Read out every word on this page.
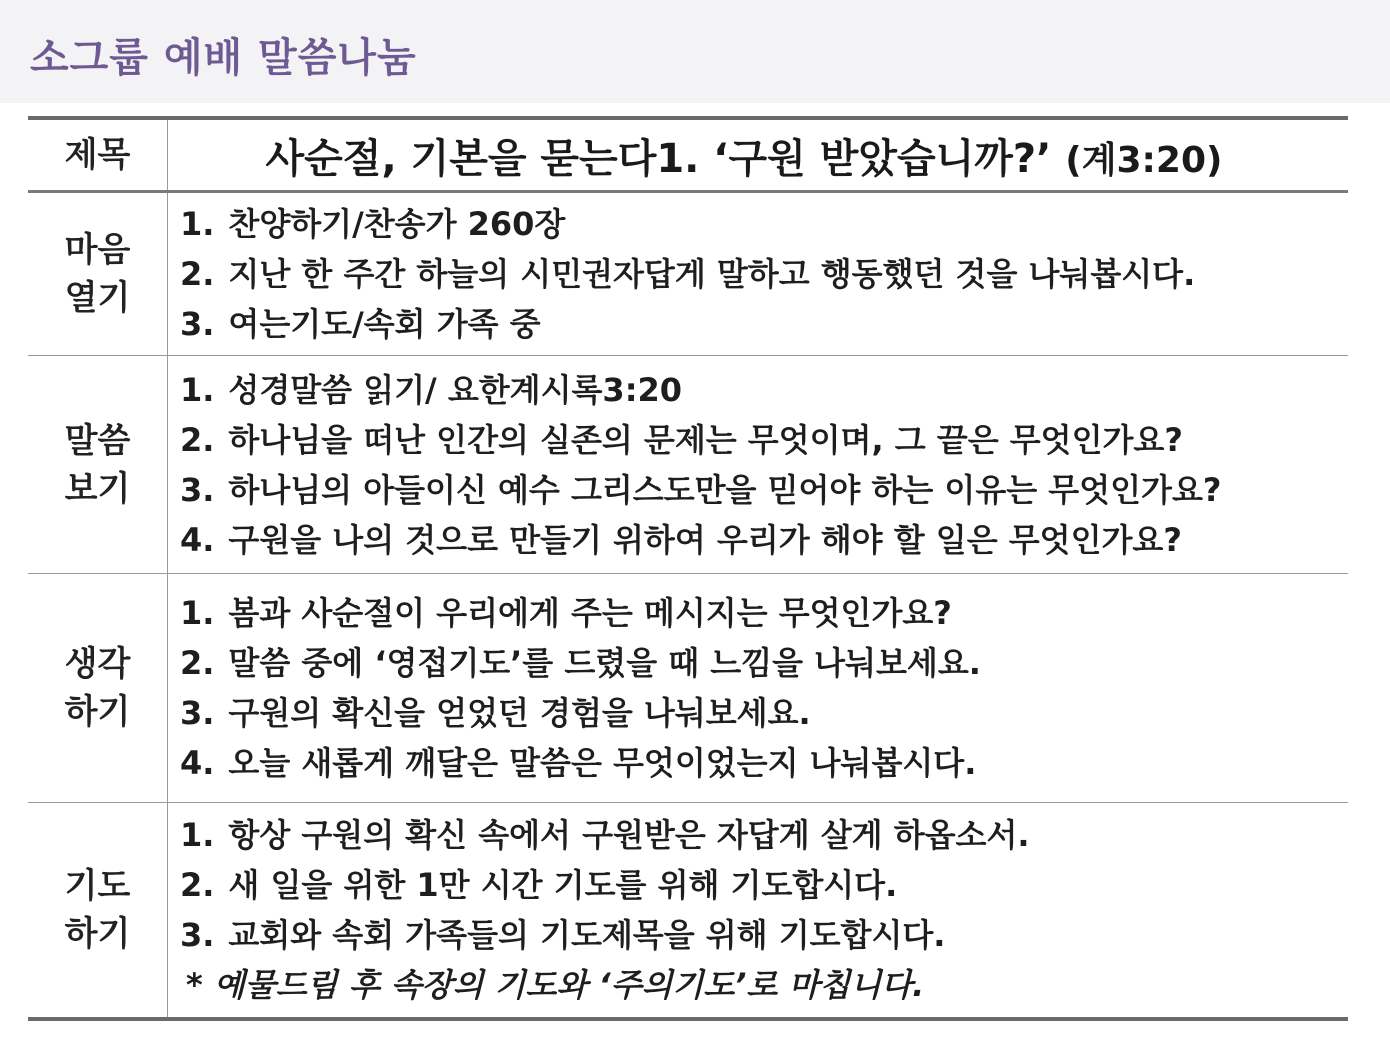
소그룹 예배 말씀나눔
제목	사순절, 기본을 묻는다1. ‘구원 받았습니까?’ (계3:20)
마음
열기
1. 찬양하기/찬송가 260장
2. 지난 한 주간 하늘의 시민권자답게 말하고 행동했던 것을 나눠봅시다.
3. 여는기도/속회 가족 중
말씀
보기
1. 성경말씀 읽기/ 요한계시록3:20
2. 하나님을 떠난 인간의 실존의 문제는 무엇이며, 그 끝은 무엇인가요?
3. 하나님의 아들이신 예수 그리스도만을 믿어야 하는 이유는 무엇인가요?
4. 구원을 나의 것으로 만들기 위하여 우리가 해야 할 일은 무엇인가요?
생각
하기
1. 봄과 사순절이 우리에게 주는 메시지는 무엇인가요?
2. 말씀 중에 ‘영접기도’를 드렸을 때 느낌을 나눠보세요.
3. 구원의 확신을 얻었던 경험을 나눠보세요.
4. 오늘 새롭게 깨달은 말씀은 무엇이었는지 나눠봅시다.
기도
하기
1. 항상 구원의 확신 속에서 구원받은 자답게 살게 하옵소서.
2. 새 일을 위한 1만 시간 기도를 위해 기도합시다.
3. 교회와 속회 가족들의 기도제목을 위해 기도합시다.
* 예물드림 후 속장의 기도와 ‘주의기도’로 마칩니다.
